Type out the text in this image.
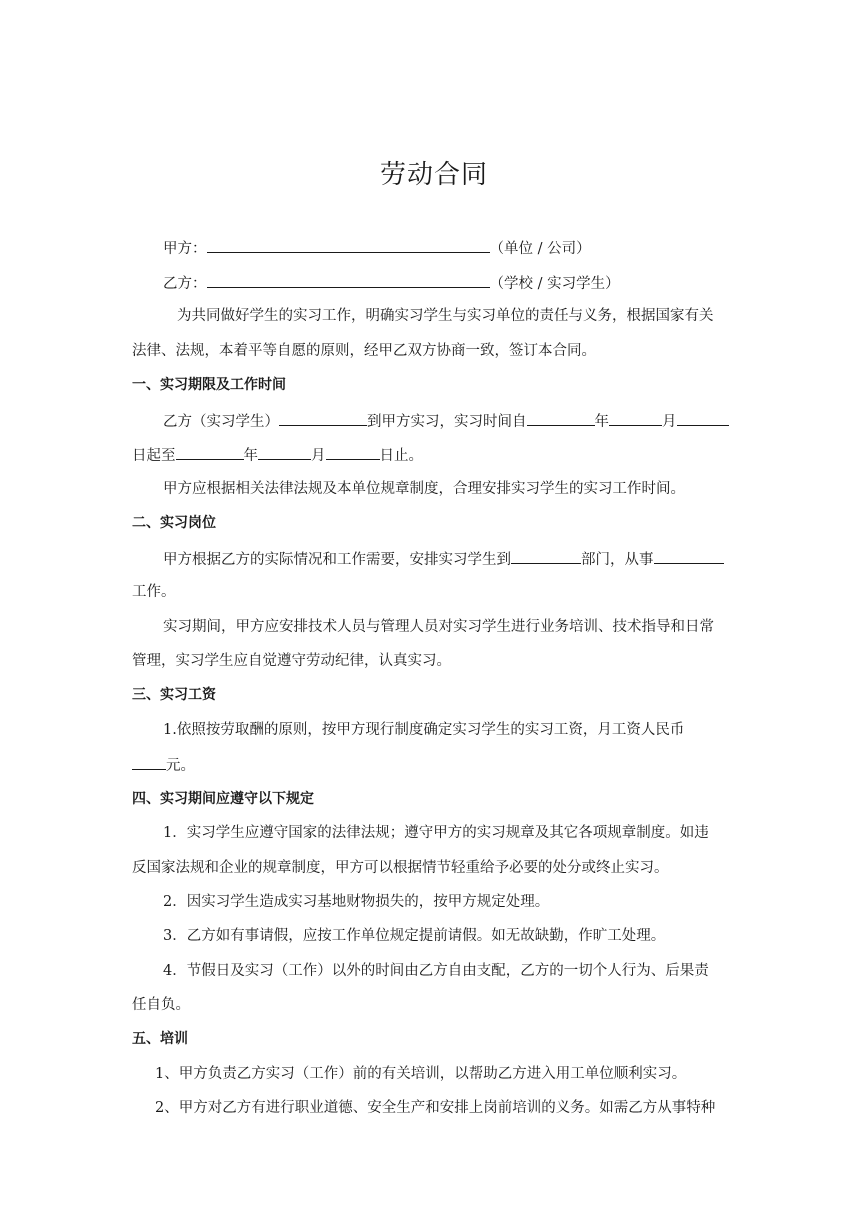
劳动合同
甲方：	（单位 / 公司）
乙方：	（学校 / 实习学生）
为共同做好学生的实习工作，明确实习学生与实习单位的责任与义务，根据国家有关
法律、法规，本着平等自愿的原则，经甲乙双方协商一致，签订本合同。
一、实习期限及工作时间
乙方（实习学生）	到甲方实习，实习时间自	年	月
日起至	年	月	日止。
甲方应根据相关法律法规及本单位规章制度，合理安排实习学生的实习工作时间。
二、实习岗位
甲方根据乙方的实际情况和工作需要，安排实习学生到	部门，从事
工作。
实习期间，甲方应安排技术人员与管理人员对实习学生进行业务培训、技术指导和日常
管理，实习学生应自觉遵守劳动纪律，认真实习。
三、实习工资
1.依照按劳取酬的原则，按甲方现行制度确定实习学生的实习工资，月工资人民币
元。
四、实习期间应遵守以下规定
1．实习学生应遵守国家的法律法规；遵守甲方的实习规章及其它各项规章制度。如违
反国家法规和企业的规章制度，甲方可以根据情节轻重给予必要的处分或终止实习。
2．因实习学生造成实习基地财物损失的，按甲方规定处理。
3．乙方如有事请假，应按工作单位规定提前请假。如无故缺勤，作旷工处理。
4．节假日及实习（工作）以外的时间由乙方自由支配，乙方的一切个人行为、后果责
任自负。
五、培训
1、甲方负责乙方实习（工作）前的有关培训，以帮助乙方进入用工单位顺利实习。
2、甲方对乙方有进行职业道德、安全生产和安排上岗前培训的义务。如需乙方从事特种
